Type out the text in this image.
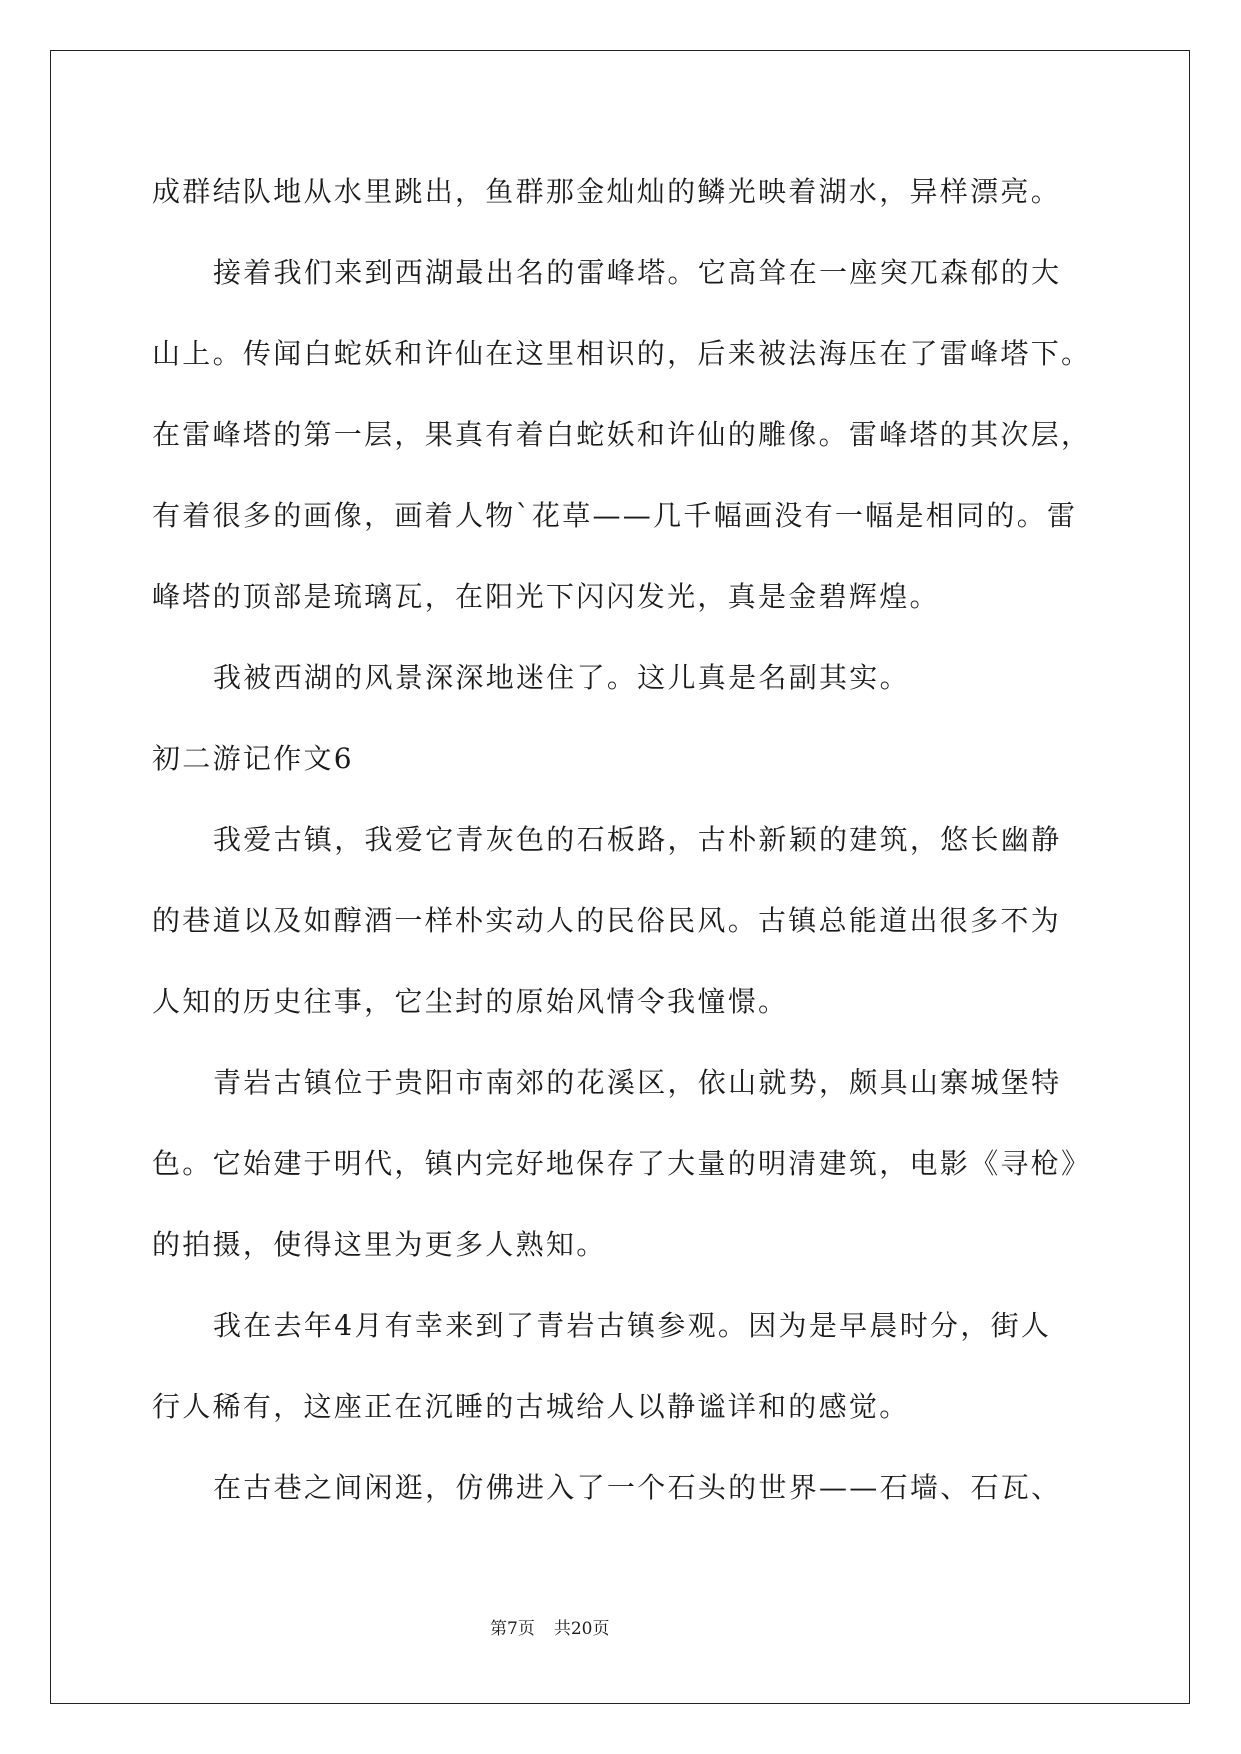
成群结队地从水里跳出，鱼群那金灿灿的鳞光映着湖水，异样漂亮。
接着我们来到西湖最出名的雷峰塔。它高耸在一座突兀森郁的大
山上。传闻白蛇妖和许仙在这里相识的，后来被法海压在了雷峰塔下。
在雷峰塔的第一层，果真有着白蛇妖和许仙的雕像。雷峰塔的其次层，
有着很多的画像，画着人物`花草——几千幅画没有一幅是相同的。雷
峰塔的顶部是琉璃瓦，在阳光下闪闪发光，真是金碧辉煌。
我被西湖的风景深深地迷住了。这儿真是名副其实。
初二游记作文6
我爱古镇，我爱它青灰色的石板路，古朴新颖的建筑，悠长幽静
的巷道以及如醇酒一样朴实动人的民俗民风。古镇总能道出很多不为
人知的历史往事，它尘封的原始风情令我憧憬。
青岩古镇位于贵阳市南郊的花溪区，依山就势，颇具山寨城堡特
色。它始建于明代，镇内完好地保存了大量的明清建筑，电影《寻枪》
的拍摄，使得这里为更多人熟知。
我在去年4月有幸来到了青岩古镇参观。因为是早晨时分，街人
行人稀有，这座正在沉睡的古城给人以静谧详和的感觉。
在古巷之间闲逛，仿佛进入了一个石头的世界——石墙、石瓦、
第7页 共20页
